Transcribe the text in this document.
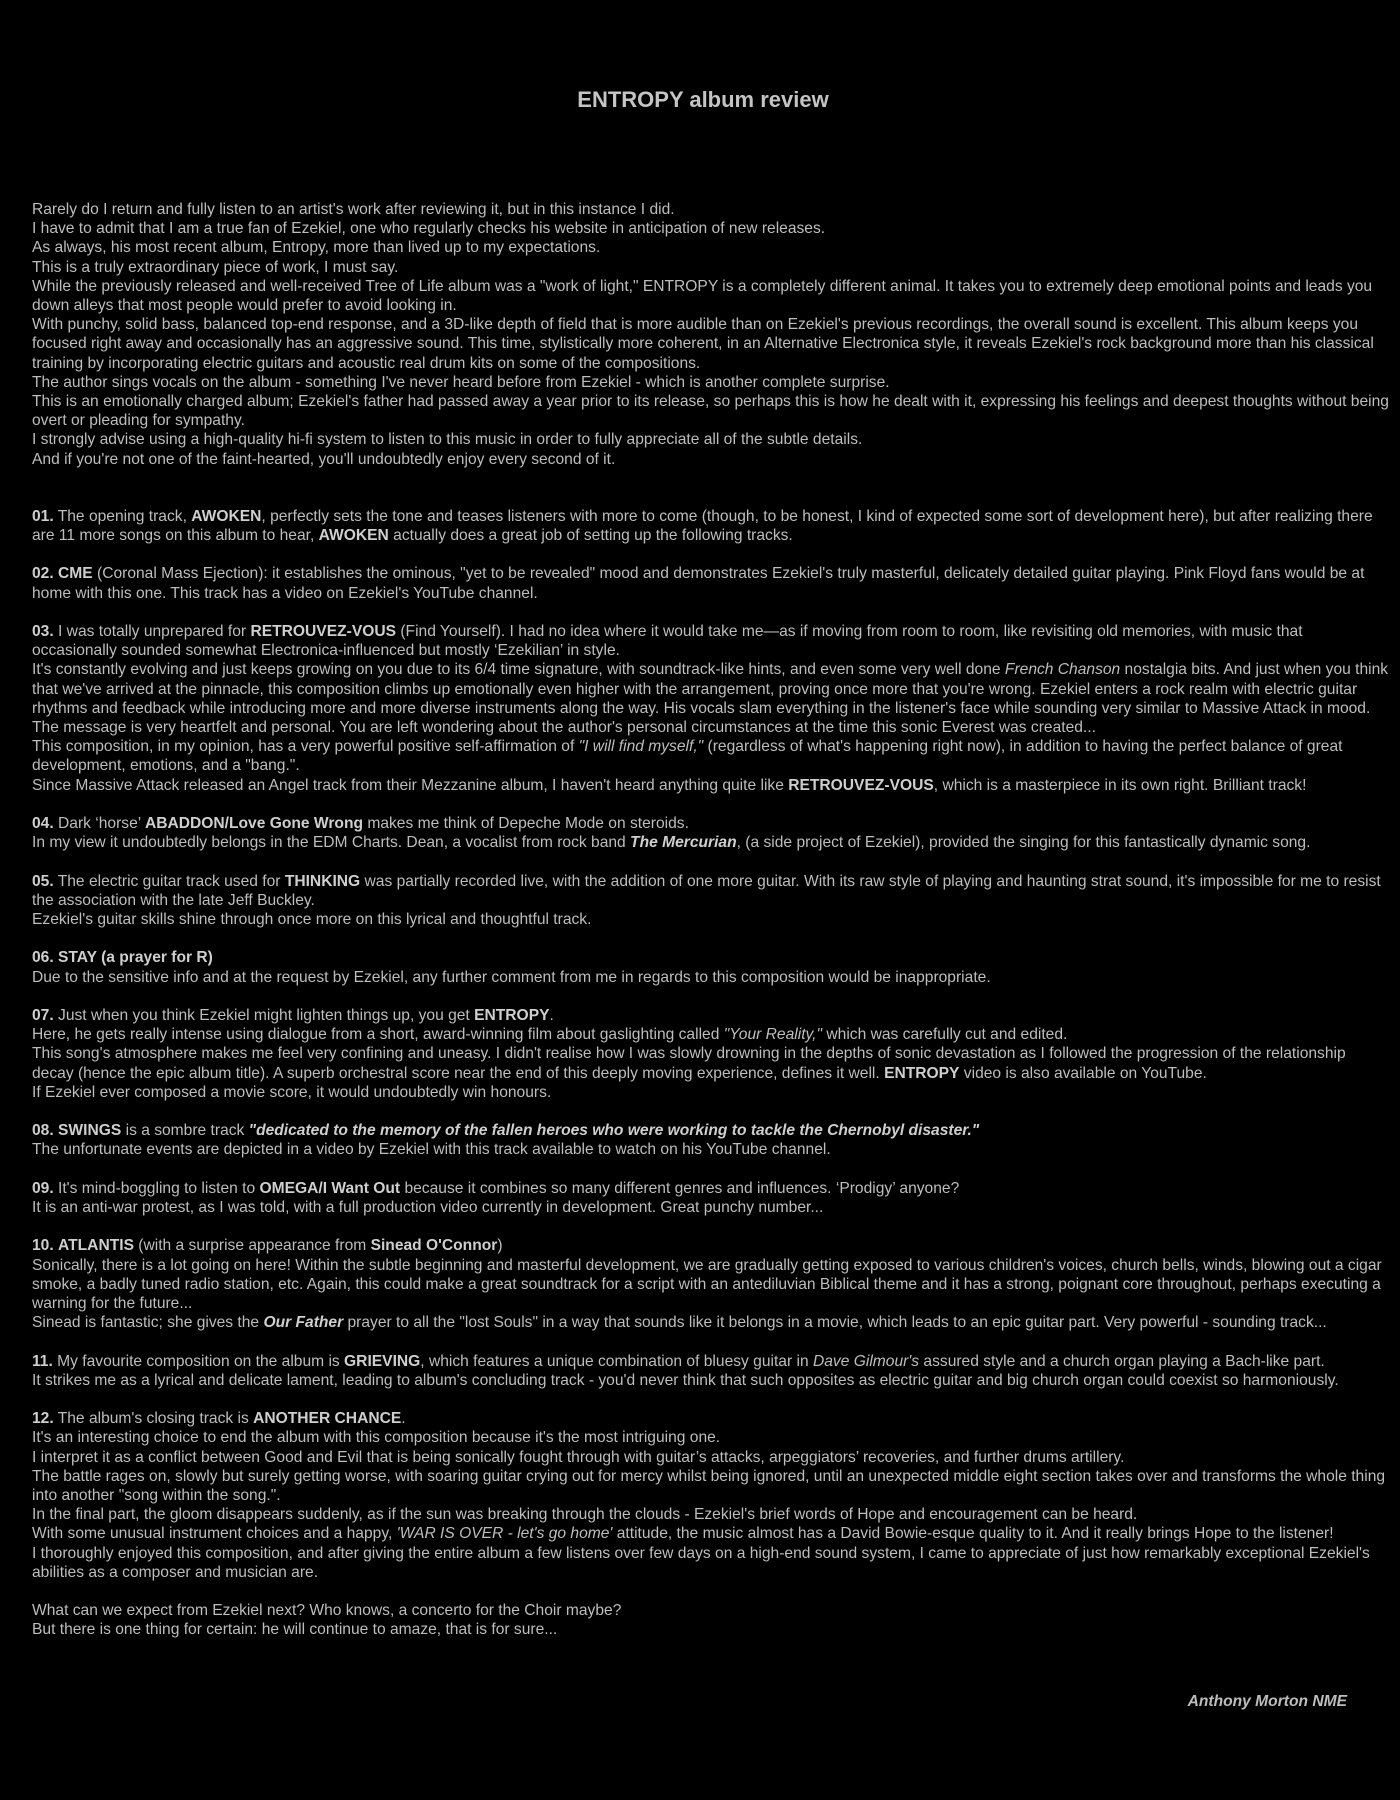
ENTROPY album review

Rarely do I return and fully listen to an artist's work after reviewing it, but in this instance I did.

I have to admit that I am a true fan of Ezekiel, one who regularly checks his website in anticipation of new releases.

As always, his most recent album, Entropy, more than lived up to my expectations.

This is a truly extraordinary piece of work, I must say.

While the previously released and well-received Tree of Life album was a "work of light," ENTROPY is a completely different animal. It takes you to extremely deep emotional points and leads you down alleys that most people would prefer to avoid looking in.

With punchy, solid bass, balanced top-end response, and a 3D-like depth of field that is more audible than on Ezekiel's previous recordings, the overall sound is excellent. This album keeps you focused right away and occasionally has an aggressive sound. This time, stylistically more coherent, in an Alternative Electronica style, it reveals Ezekiel's rock background more than his classical training by incorporating electric guitars and acoustic real drum kits on some of the compositions.

The author sings vocals on the album - something I've never heard before from Ezekiel - which is another complete surprise.

This is an emotionally charged album; Ezekiel's father had passed away a year prior to its release, so perhaps this is how he dealt with it, expressing his feelings and deepest thoughts without being overt or pleading for sympathy.

I strongly advise using a high-quality hi-fi system to listen to this music in order to fully appreciate all of the subtle details.

And if you're not one of the faint-hearted, you'll undoubtedly enjoy every second of it.

01. The opening track, AWOKEN, perfectly sets the tone and teases listeners with more to come (though, to be honest, I kind of expected some sort of development here), but after realizing there are 11 more songs on this album to hear, AWOKEN actually does a great job of setting up the following tracks.

02. CME (Coronal Mass Ejection): it establishes the ominous, "yet to be revealed" mood and demonstrates Ezekiel's truly masterful, delicately detailed guitar playing. Pink Floyd fans would be at home with this one. This track has a video on Ezekiel's YouTube channel.

03. I was totally unprepared for RETROUVEZ-VOUS (Find Yourself). I had no idea where it would take me—as if moving from room to room, like revisiting old memories, with music that occasionally sounded somewhat Electronica-influenced but mostly ‘Ezekilian’ in style.

It's constantly evolving and just keeps growing on you due to its 6/4 time signature, with soundtrack-like hints, and even some very well done French Chanson nostalgia bits. And just when you think that we've arrived at the pinnacle, this composition climbs up emotionally even higher with the arrangement, proving once more that you're wrong. Ezekiel enters a rock realm with electric guitar rhythms and feedback while introducing more and more diverse instruments along the way. His vocals slam everything in the listener's face while sounding very similar to Massive Attack in mood. The message is very heartfelt and personal. You are left wondering about the author's personal circumstances at the time this sonic Everest was created...

This composition, in my opinion, has a very powerful positive self-affirmation of "I will find myself," (regardless of what's happening right now), in addition to having the perfect balance of great development, emotions, and a "bang.".

Since Massive Attack released an Angel track from their Mezzanine album, I haven't heard anything quite like RETROUVEZ-VOUS, which is a masterpiece in its own right. Brilliant track!

04. Dark ‘horse’ ABADDON/Love Gone Wrong makes me think of Depeche Mode on steroids.

In my view it undoubtedly belongs in the EDM Charts. Dean, a vocalist from rock band The Mercurian, (a side project of Ezekiel), provided the singing for this fantastically dynamic song.

05. The electric guitar track used for THINKING was partially recorded live, with the addition of one more guitar. With its raw style of playing and haunting strat sound, it's impossible for me to resist the association with the late Jeff Buckley.

Ezekiel's guitar skills shine through once more on this lyrical and thoughtful track.

06. STAY (a prayer for R)

Due to the sensitive info and at the request by Ezekiel, any further comment from me in regards to this composition would be inappropriate.

07. Just when you think Ezekiel might lighten things up, you get ENTROPY.

Here, he gets really intense using dialogue from a short, award-winning film about gaslighting called "Your Reality," which was carefully cut and edited.

This song's atmosphere makes me feel very confining and uneasy. I didn't realise how I was slowly drowning in the depths of sonic devastation as I followed the progression of the relationship decay (hence the epic album title). A superb orchestral score near the end of this deeply moving experience, defines it well. ENTROPY video is also available on YouTube.

If Ezekiel ever composed a movie score, it would undoubtedly win honours.

08. SWINGS is a sombre track "dedicated to the memory of the fallen heroes who were working to tackle the Chernobyl disaster."

The unfortunate events are depicted in a video by Ezekiel with this track available to watch on his YouTube channel.

09. It's mind-boggling to listen to OMEGA/I Want Out because it combines so many different genres and influences. ‘Prodigy’ anyone?

It is an anti-war protest, as I was told, with a full production video currently in development. Great punchy number...

10. ATLANTIS (with a surprise appearance from Sinead O'Connor)

Sonically, there is a lot going on here! Within the subtle beginning and masterful development, we are gradually getting exposed to various children's voices, church bells, winds, blowing out a cigar smoke, a badly tuned radio station, etc. Again, this could make a great soundtrack for a script with an antediluvian Biblical theme and it has a strong, poignant core throughout, perhaps executing a warning for the future...

Sinead is fantastic; she gives the Our Father prayer to all the "lost Souls" in a way that sounds like it belongs in a movie, which leads to an epic guitar part. Very powerful - sounding track...

11. My favourite composition on the album is GRIEVING, which features a unique combination of bluesy guitar in Dave Gilmour's assured style and a church organ playing a Bach-like part.

It strikes me as a lyrical and delicate lament, leading to album's concluding track - you'd never think that such opposites as electric guitar and big church organ could coexist so harmoniously.

12. The album's closing track is ANOTHER CHANCE.

It's an interesting choice to end the album with this composition because it's the most intriguing one.

I interpret it as a conflict between Good and Evil that is being sonically fought through with guitar’s attacks, arpeggiators’ recoveries, and further drums artillery.

The battle rages on, slowly but surely getting worse, with soaring guitar crying out for mercy whilst being ignored, until an unexpected middle eight section takes over and transforms the whole thing into another "song within the song.".

In the final part, the gloom disappears suddenly, as if the sun was breaking through the clouds - Ezekiel's brief words of Hope and encouragement can be heard.

With some unusual instrument choices and a happy, 'WAR IS OVER - let's go home' attitude, the music almost has a David Bowie-esque quality to it. And it really brings Hope to the listener!

I thoroughly enjoyed this composition, and after giving the entire album a few listens over few days on a high-end sound system, I came to appreciate of just how remarkably exceptional Ezekiel's abilities as a composer and musician are.

What can we expect from Ezekiel next? Who knows, a concerto for the Choir maybe?

But there is one thing for certain: he will continue to amaze, that is for sure...

Anthony Morton NME
